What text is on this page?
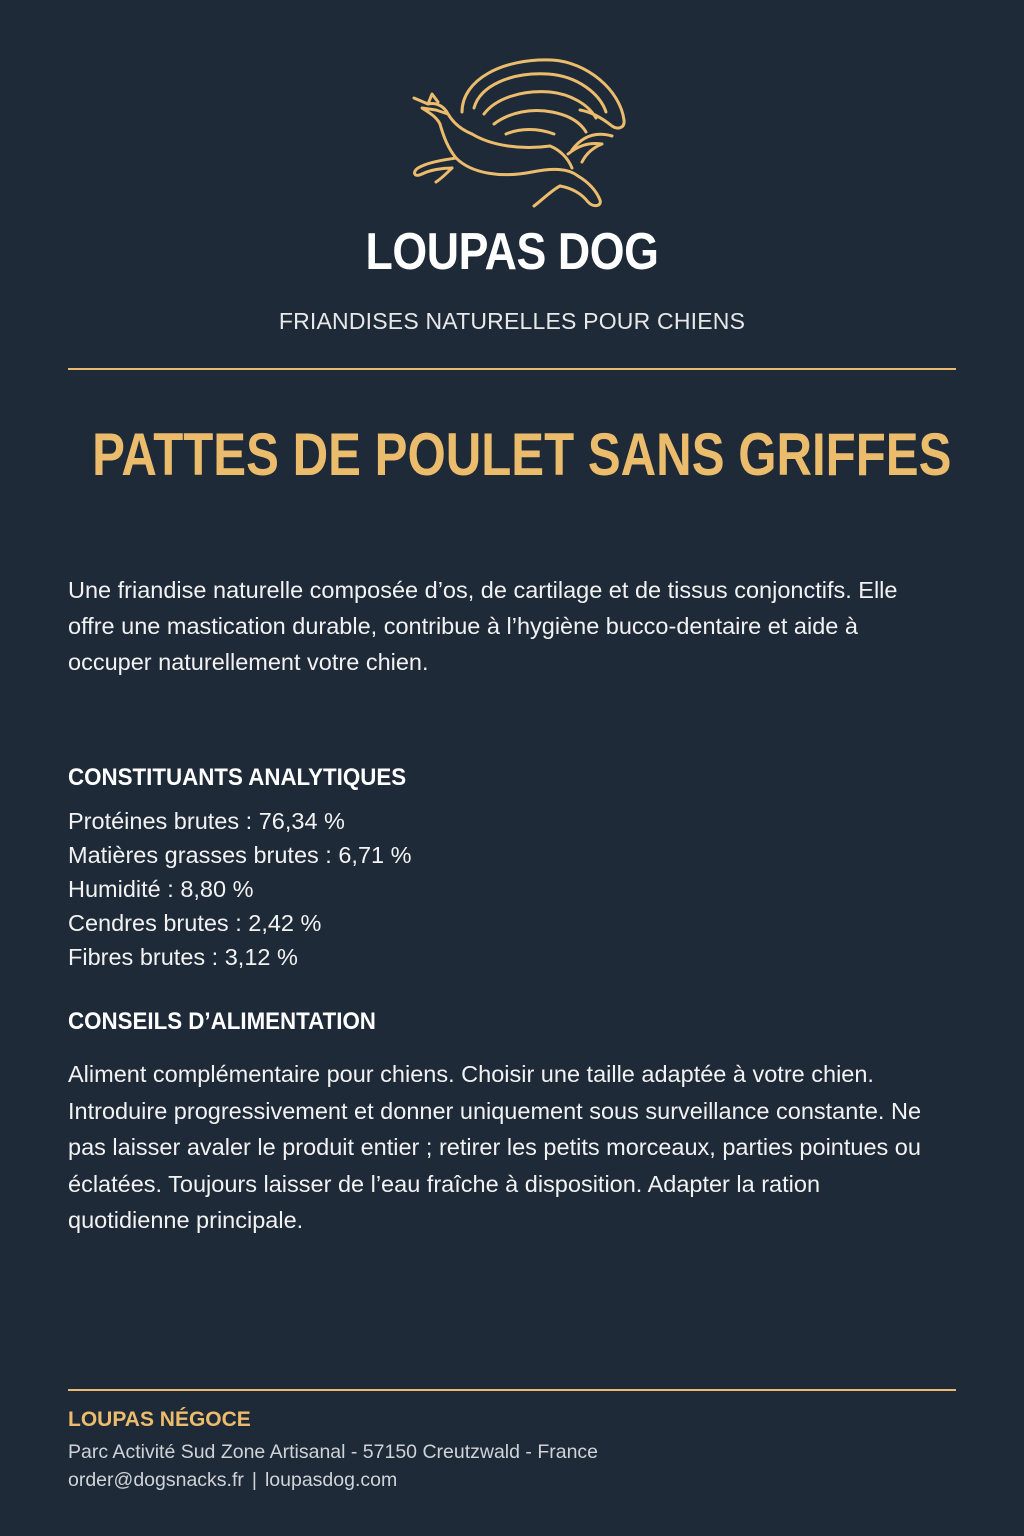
LOUPAS DOG
FRIANDISES NATURELLES POUR CHIENS
PATTES DE POULET SANS GRIFFES
Une friandise naturelle composée d’os, de cartilage et de tissus conjonctifs. Elle offre une mastication durable, contribue à l’hygiène bucco-dentaire et aide à occuper naturellement votre chien.
CONSTITUANTS ANALYTIQUES
Protéines brutes : 76,34 %
Matières grasses brutes : 6,71 %
Humidité : 8,80 %
Cendres brutes : 2,42 %
Fibres brutes : 3,12 %
CONSEILS D’ALIMENTATION
Aliment complémentaire pour chiens. Choisir une taille adaptée à votre chien. Introduire progressivement et donner uniquement sous surveillance constante. Ne pas laisser avaler le produit entier ; retirer les petits morceaux, parties pointues ou éclatées. Toujours laisser de l’eau fraîche à disposition. Adapter la ration quotidienne principale.
LOUPAS NÉGOCE
Parc Activité Sud Zone Artisanal - 57150 Creutzwald - France
order@dogsnacks.fr | loupasdog.com
